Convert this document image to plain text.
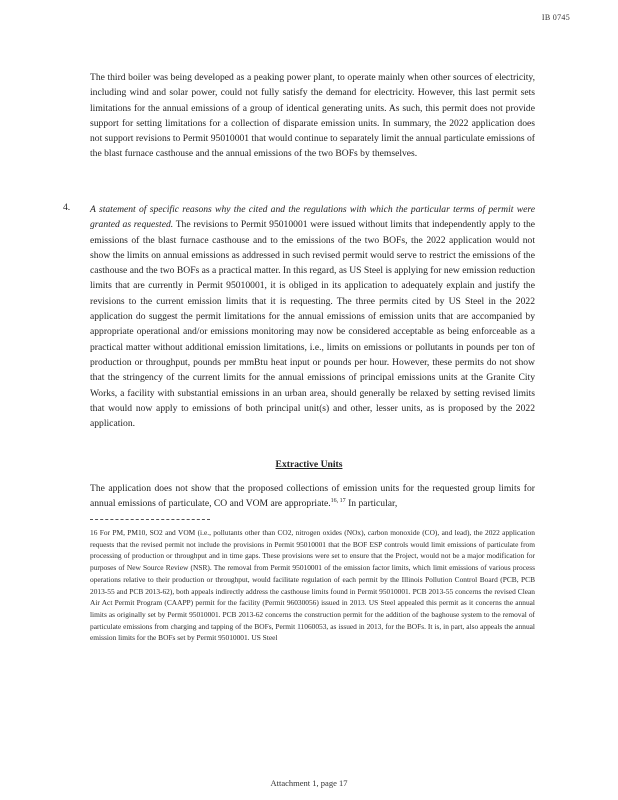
IB 0745
The third boiler was being developed as a peaking power plant, to operate mainly when other sources of electricity, including wind and solar power, could not fully satisfy the demand for electricity. However, this last permit sets limitations for the annual emissions of a group of identical generating units. As such, this permit does not provide support for setting limitations for a collection of disparate emission units. In summary, the 2022 application does not support revisions to Permit 95010001 that would continue to separately limit the annual particulate emissions of the blast furnace casthouse and the annual emissions of the two BOFs by themselves.
4. A statement of specific reasons why the cited and the regulations with which the particular terms of permit were granted as requested. The revisions to Permit 95010001 were issued without limits that independently apply to the emissions of the blast furnace casthouse and to the emissions of the two BOFs, the 2022 application would not show the limits on annual emissions as addressed in such revised permit would serve to restrict the emissions of the casthouse and the two BOFs as a practical matter. In this regard, as US Steel is applying for new emission reduction limits that are currently in Permit 95010001, it is obliged in its application to adequately explain and justify the revisions to the current emission limits that it is requesting. The three permits cited by US Steel in the 2022 application do suggest the permit limitations for the annual emissions of emission units that are accompanied by appropriate operational and/or emissions monitoring may now be considered acceptable as being enforceable as a practical matter without additional emission limitations, i.e., limits on emissions or pollutants in pounds per ton of production or throughput, pounds per mmBtu heat input or pounds per hour. However, these permits do not show that the stringency of the current limits for the annual emissions of principal emissions units at the Granite City Works, a facility with substantial emissions in an urban area, should generally be relaxed by setting revised limits that would now apply to emissions of both principal unit(s) and other, lesser units, as is proposed by the 2022 application.
Extractive Units
The application does not show that the proposed collections of emission units for the requested group limits for annual emissions of particulate, CO and VOM are appropriate.$^{16, 17}$ In particular,
16 For PM, PM10, SO2 and VOM (i.e., pollutants other than CO2, nitrogen oxides (NOx), carbon monoxide (CO), and lead), the 2022 application requests that the revised permit not include the provisions in Permit 95010001 that the BOF ESP controls would limit emissions of particulate from processing of production or throughput and in time gaps. These provisions were set to ensure that the Project, would not be a major modification for purposes of New Source Review (NSR). The removal from Permit 95010001 of the emission factor limits, which limit emissions of various process operations relative to their production or throughput, would facilitate regulation of each permit by the Illinois Pollution Control Board (PCB, PCB 2013-55 and PCB 2013-62), both appeals indirectly address the casthouse limits found in Permit 95010001. PCB 2013-55 concerns the revised Clean Air Act Permit Program (CAAPP) permit for the facility (Permit 96030056) issued in 2013. US Steel appealed this permit as it concerns the annual limits as originally set by Permit 95010001. PCB 2013-62 concerns the construction permit for the addition of the baghouse system to the removal of particulate emissions from charging and tapping of the BOFs, Permit 11060053, as issued in 2013, for the BOFs. It is, in part, also appeals the annual emission limits for the BOFs set by Permit 95010001. US Steel
Attachment 1, page 17
